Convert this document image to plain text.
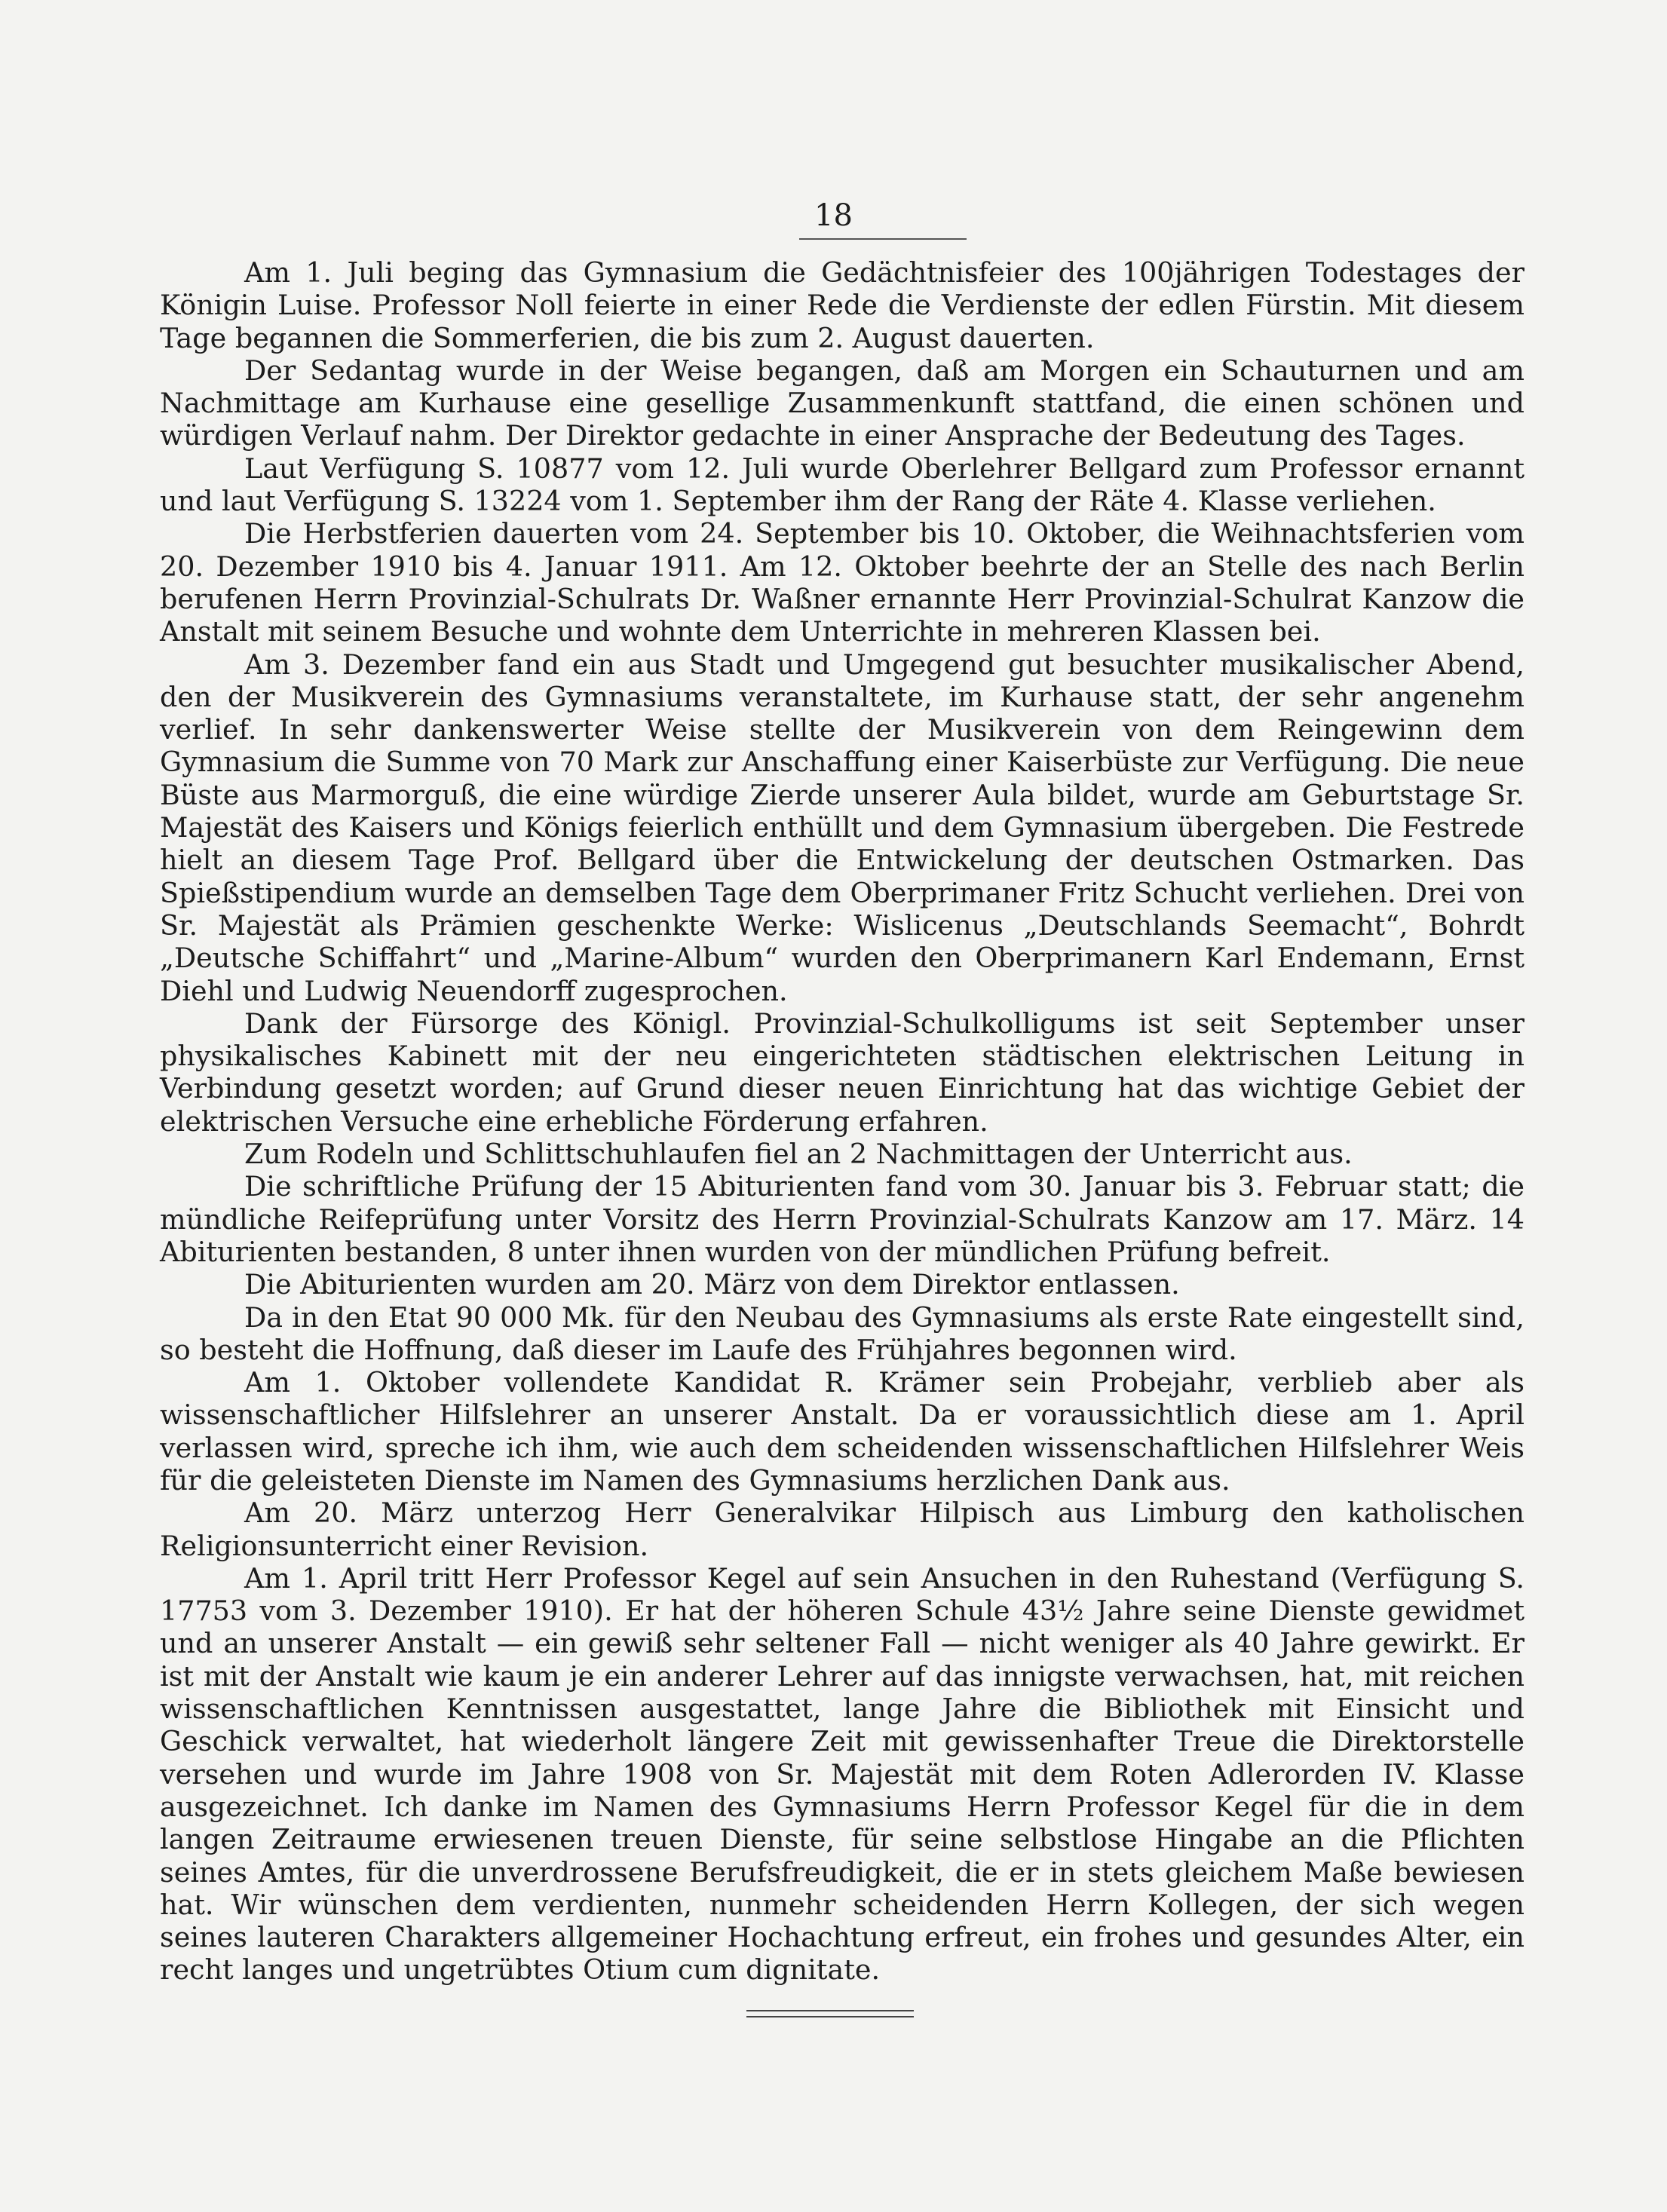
18

Am 1. Juli beging das Gymnasium die Gedächtnisfeier des 100jährigen Todestages der Königin Luise. Professor Noll feierte in einer Rede die Verdienste der edlen Fürstin. Mit diesem Tage begannen die Sommerferien, die bis zum 2. August dauerten.

Der Sedantag wurde in der Weise begangen, daß am Morgen ein Schauturnen und am Nachmittage am Kurhause eine gesellige Zusammenkunft stattfand, die einen schönen und würdigen Verlauf nahm. Der Direktor gedachte in einer Ansprache der Bedeutung des Tages.

Laut Verfügung S. 10877 vom 12. Juli wurde Oberlehrer Bellgard zum Professor ernannt und laut Verfügung S. 13224 vom 1. September ihm der Rang der Räte 4. Klasse verliehen.

Die Herbstferien dauerten vom 24. September bis 10. Oktober, die Weihnachtsferien vom 20. Dezember 1910 bis 4. Januar 1911. Am 12. Oktober beehrte der an Stelle des nach Berlin berufenen Herrn Provinzial-Schulrats Dr. Waßner ernannte Herr Provinzial-Schulrat Kanzow die Anstalt mit seinem Besuche und wohnte dem Unterrichte in mehreren Klassen bei.

Am 3. Dezember fand ein aus Stadt und Umgegend gut besuchter musikalischer Abend, den der Musikverein des Gymnasiums veranstaltete, im Kurhause statt, der sehr angenehm verlief. In sehr dankenswerter Weise stellte der Musikverein von dem Reingewinn dem Gymnasium die Summe von 70 Mark zur Anschaffung einer Kaiserbüste zur Verfügung. Die neue Büste aus Marmorguß, die eine würdige Zierde unserer Aula bildet, wurde am Geburtstage Sr. Majestät des Kaisers und Königs feierlich enthüllt und dem Gymnasium übergeben. Die Festrede hielt an diesem Tage Prof. Bellgard über die Entwickelung der deutschen Ostmarken. Das Spießstipendium wurde an demselben Tage dem Oberprimaner Fritz Schucht verliehen. Drei von Sr. Majestät als Prämien geschenkte Werke: Wislicenus „Deutschlands Seemacht“, Bohrdt „Deutsche Schiffahrt“ und „Marine-Album“ wurden den Oberprimanern Karl Endemann, Ernst Diehl und Ludwig Neuendorff zugesprochen.

Dank der Fürsorge des Königl. Provinzial-Schulkolligums ist seit September unser physikalisches Kabinett mit der neu eingerichteten städtischen elektrischen Leitung in Verbindung gesetzt worden; auf Grund dieser neuen Einrichtung hat das wichtige Gebiet der elektrischen Versuche eine erhebliche Förderung erfahren.

Zum Rodeln und Schlittschuhlaufen fiel an 2 Nachmittagen der Unterricht aus.

Die schriftliche Prüfung der 15 Abiturienten fand vom 30. Januar bis 3. Februar statt; die mündliche Reifeprüfung unter Vorsitz des Herrn Provinzial-Schulrats Kanzow am 17. März. 14 Abiturienten bestanden, 8 unter ihnen wurden von der mündlichen Prüfung befreit.

Die Abiturienten wurden am 20. März von dem Direktor entlassen.

Da in den Etat 90 000 Mk. für den Neubau des Gymnasiums als erste Rate eingestellt sind, so besteht die Hoffnung, daß dieser im Laufe des Frühjahres begonnen wird.

Am 1. Oktober vollendete Kandidat R. Krämer sein Probejahr, verblieb aber als wissenschaftlicher Hilfslehrer an unserer Anstalt. Da er voraussichtlich diese am 1. April verlassen wird, spreche ich ihm, wie auch dem scheidenden wissenschaftlichen Hilfslehrer Weis für die geleisteten Dienste im Namen des Gymnasiums herzlichen Dank aus.

Am 20. März unterzog Herr Generalvikar Hilpisch aus Limburg den katholischen Religionsunterricht einer Revision.

Am 1. April tritt Herr Professor Kegel auf sein Ansuchen in den Ruhestand (Verfügung S. 17753 vom 3. Dezember 1910). Er hat der höheren Schule 43½ Jahre seine Dienste gewidmet und an unserer Anstalt — ein gewiß sehr seltener Fall — nicht weniger als 40 Jahre gewirkt. Er ist mit der Anstalt wie kaum je ein anderer Lehrer auf das innigste verwachsen, hat, mit reichen wissenschaftlichen Kenntnissen ausgestattet, lange Jahre die Bibliothek mit Einsicht und Geschick verwaltet, hat wiederholt längere Zeit mit gewissenhafter Treue die Direktorstelle versehen und wurde im Jahre 1908 von Sr. Majestät mit dem Roten Adlerorden IV. Klasse ausgezeichnet. Ich danke im Namen des Gymnasiums Herrn Professor Kegel für die in dem langen Zeitraume erwiesenen treuen Dienste, für seine selbstlose Hingabe an die Pflichten seines Amtes, für die unverdrossene Berufsfreudigkeit, die er in stets gleichem Maße bewiesen hat. Wir wünschen dem verdienten, nunmehr scheidenden Herrn Kollegen, der sich wegen seines lauteren Charakters allgemeiner Hochachtung erfreut, ein frohes und gesundes Alter, ein recht langes und ungetrübtes Otium cum dignitate.
